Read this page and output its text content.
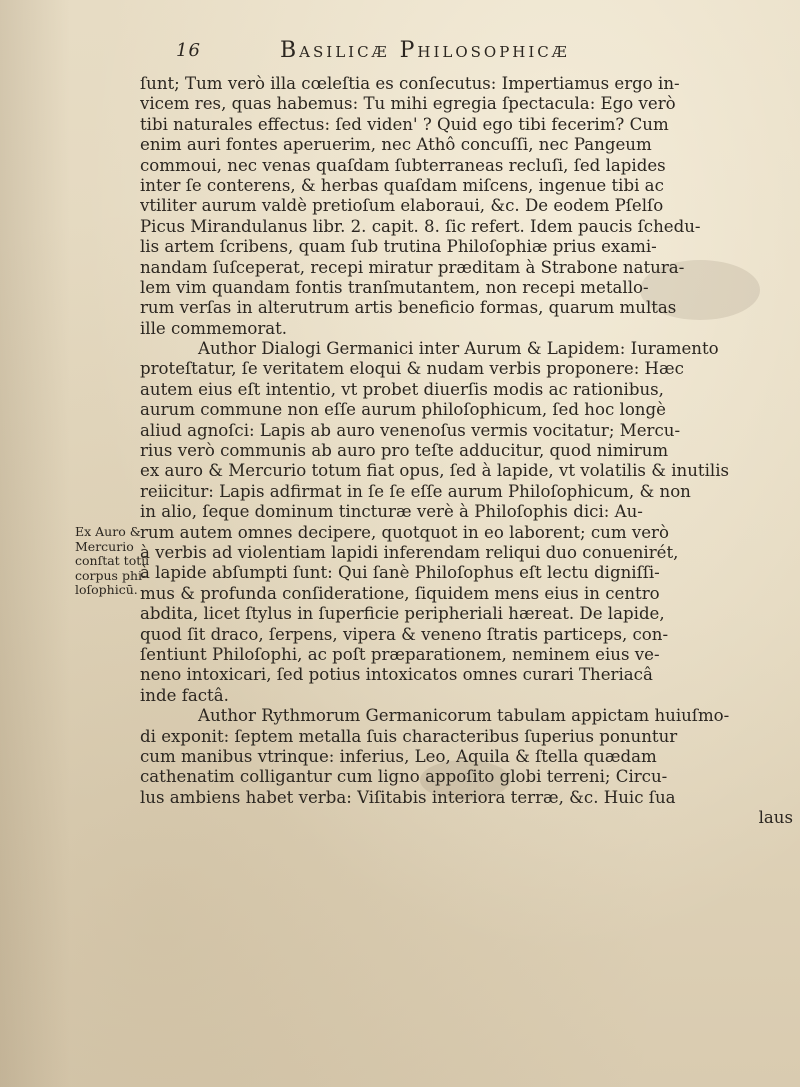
16	Basilicæ Philosophicæ
Ex Auro &
Mercurio
conſtat totū
corpus phi-
loſophicū.
ſunt; Tum verò illa cœleſtia es conſecutus: Impertiamus ergo in-
vicem res, quas habemus: Tu mihi egregia ſpectacula: Ego verò
tibi naturales effectus: ſed viden' ? Quid ego tibi fecerim? Cum
enim auri fontes aperuerim, nec Athô concuſſi, nec Pangeum
commoui, nec venas quaſdam ſubterraneas recluſi, ſed lapides
inter ſe conterens, & herbas quaſdam miſcens, ingenue tibi ac
vtiliter aurum valdè pretioſum elaboraui, &c. De eodem Pſelſo
Picus Mirandulanus libr. 2. capit. 8. ſic refert. Idem paucis ſchedu-
lis artem ſcribens, quam ſub trutina Philoſophiæ prius exami-
nandam ſuſceperat, recepi miratur præditam à Strabone natura-
lem vim quandam fontis tranſmutantem, non recepi metallo-
rum verſas in alterutrum artis beneficio formas, quarum multas
ille commemorat.
Author Dialogi Germanici inter Aurum & Lapidem: Iuramento
proteſtatur, ſe veritatem eloqui & nudam verbis proponere: Hæc
autem eius eſt intentio, vt probet diuerſis modis ac rationibus,
aurum commune non eſſe aurum philoſophicum, ſed hoc longè
aliud agnoſci: Lapis ab auro venenoſus vermis vocitatur; Mercu-
rius verò communis ab auro pro teſte adducitur, quod nimirum
ex auro & Mercurio totum fiat opus, ſed à lapide, vt volatilis & inutilis
reiicitur: Lapis adfirmat in ſe ſe eſſe aurum Philoſophicum, & non
in alio, ſeque dominum tincturæ verè à Philoſophis dici: Au-
rum autem omnes decipere, quotquot in eo laborent; cum verò
à verbis ad violentiam lapidi inferendam reliqui duo conuenirét,
à lapide abſumpti ſunt: Qui ſanè Philoſophus eſt lectu digniſſi-
mus & profunda conſideratione, ſiquidem mens eius in centro
abdita, licet ſtylus in ſuperficie peripheriali hæreat. De lapide,
quod ſit draco, ſerpens, vipera & veneno ſtratis particeps, con-
ſentiunt Philoſophi, ac poſt præparationem, neminem eius ve-
neno intoxicari, ſed potius intoxicatos omnes curari Theriacâ
inde factâ.
Author Rythmorum Germanicorum tabulam appictam huiuſmo-
di exponit: ſeptem metalla ſuis characteribus ſuperius ponuntur
cum manibus vtrinque: inferius, Leo, Aquila & ſtella quædam
cathenatim colligantur cum ligno appoſito globi terreni; Circu-
lus ambiens habet verba: Viſitabis interiora terræ, &c. Huic ſua
laus
